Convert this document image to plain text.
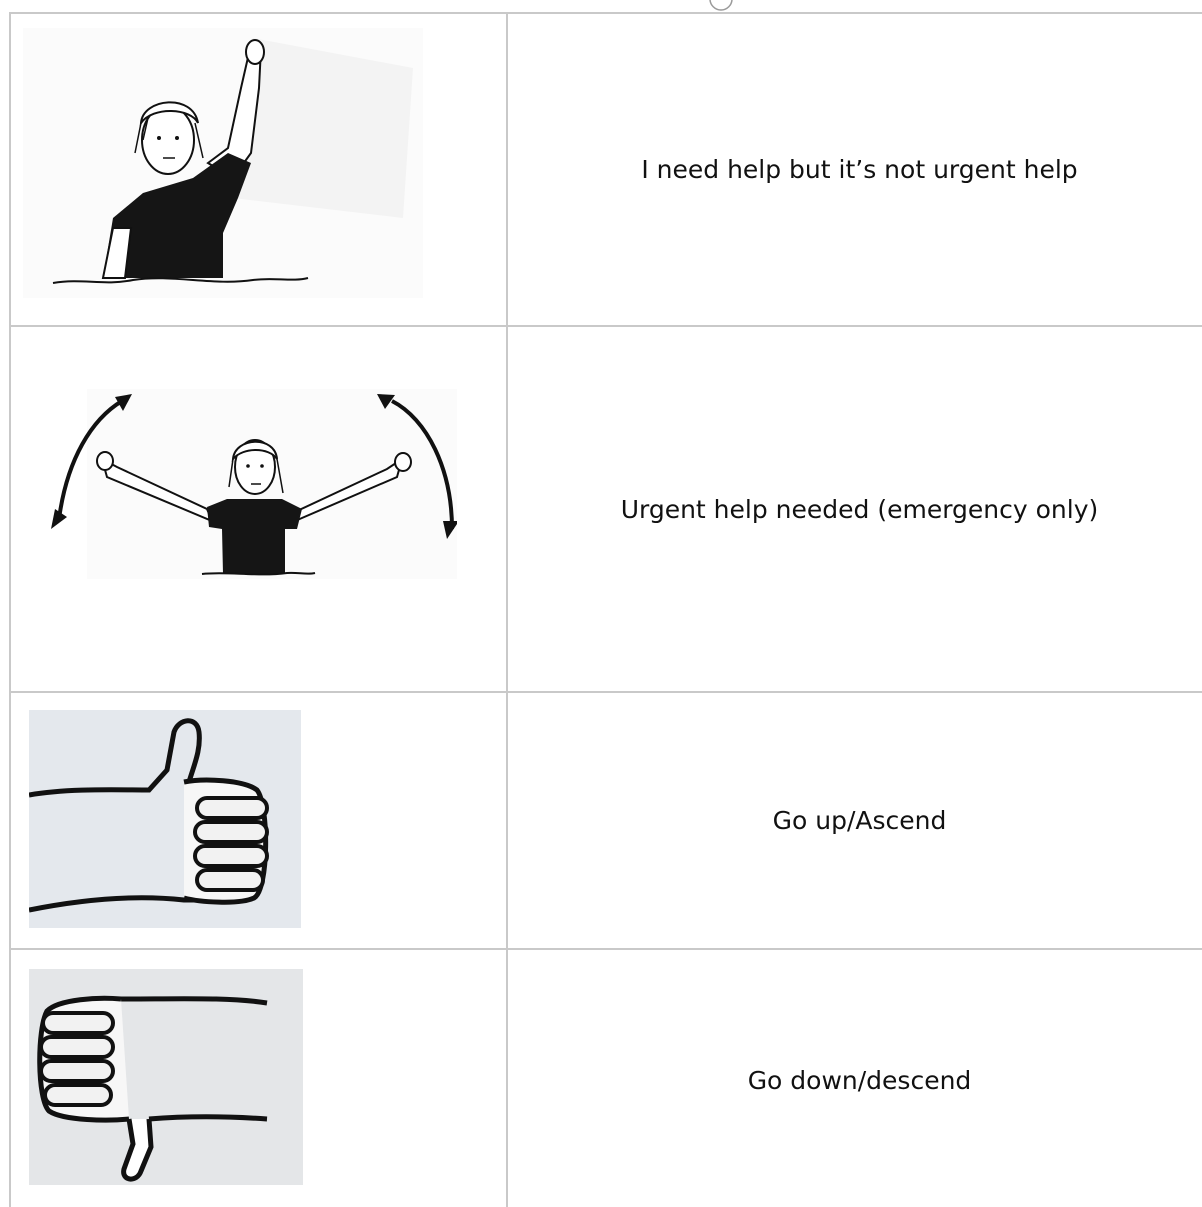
	I need help but it’s not urgent help

	Urgent help needed (emergency only)

	Go up/Ascend

	Go down/descend
